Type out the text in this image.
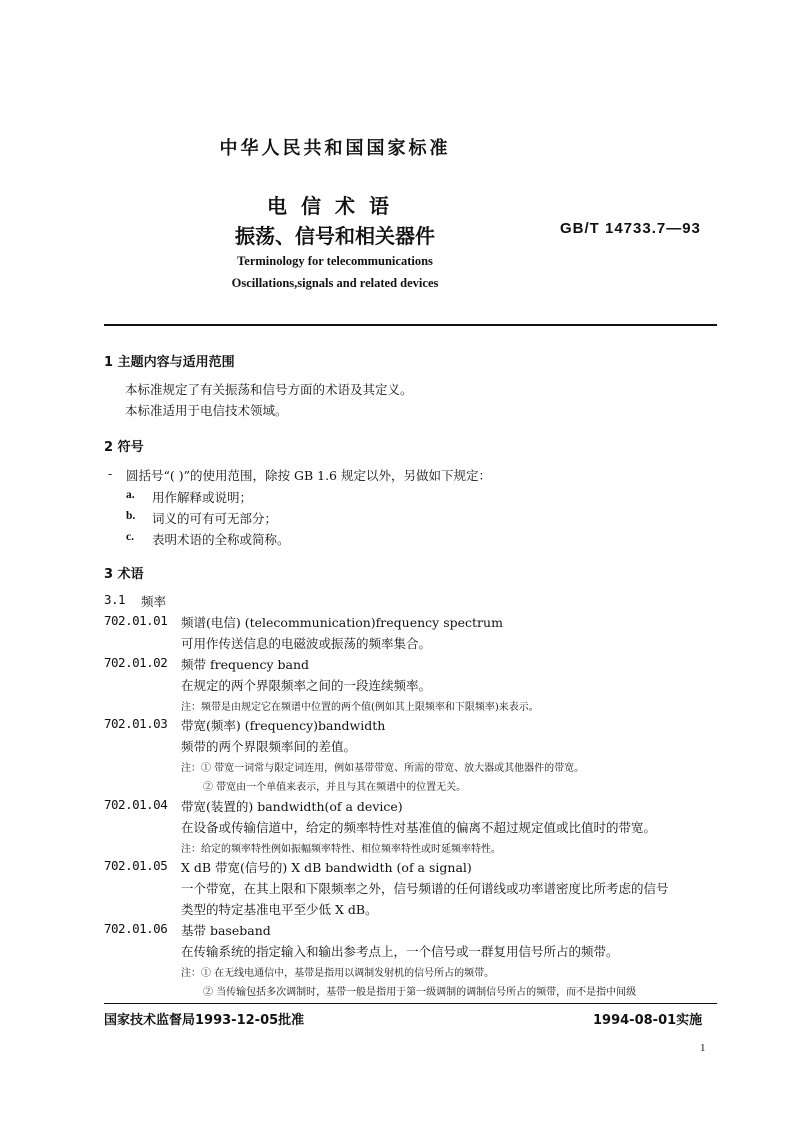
中华人民共和国国家标准
电信术语
振荡、信号和相关器件	GB/T 14733.7—93
Terminology for telecommunications
Oscillations,signals and related devices
1 主题内容与适用范围
本标准规定了有关振荡和信号方面的术语及其定义。
本标准适用于电信技术领域。
2 符号
- 圆括号“( )”的使用范围，除按 GB 1.6 规定以外，另做如下规定：
a. 用作解释或说明；
b. 词义的可有可无部分；
c. 表明术语的全称或简称。
3 术语
3.1 频率
702.01.01 频谱(电信) (telecommunication)frequency spectrum
可用作传送信息的电磁波或振荡的频率集合。
702.01.02 频带 frequency band
在规定的两个界限频率之间的一段连续频率。
注：频带是由规定它在频谱中位置的两个值(例如其上限频率和下限频率)来表示。
702.01.03 带宽(频率) (frequency)bandwidth
频带的两个界限频率间的差值。
注：① 带宽一词常与限定词连用，例如基带带宽、所需的带宽、放大器或其他器件的带宽。
② 带宽由一个单值来表示，并且与其在频谱中的位置无关。
702.01.04 带宽(装置的) bandwidth(of a device)
在设备或传输信道中，给定的频率特性对基准值的偏离不超过规定值或比值时的带宽。
注：给定的频率特性例如振幅频率特性、相位频率特性或时延频率特性。
702.01.05 X dB 带宽(信号的) X dB bandwidth (of a signal)
一个带宽，在其上限和下限频率之外，信号频谱的任何谱线或功率谱密度比所考虑的信号
类型的特定基准电平至少低 X dB。
702.01.06 基带 baseband
在传输系统的指定输入和输出参考点上，一个信号或一群复用信号所占的频带。
注：① 在无线电通信中，基带是指用以调制发射机的信号所占的频带。
② 当传输包括多次调制时，基带一般是指用于第一级调制的调制信号所占的频带，而不是指中间级
国家技术监督局1993-12-05批准	1994-08-01实施
1
